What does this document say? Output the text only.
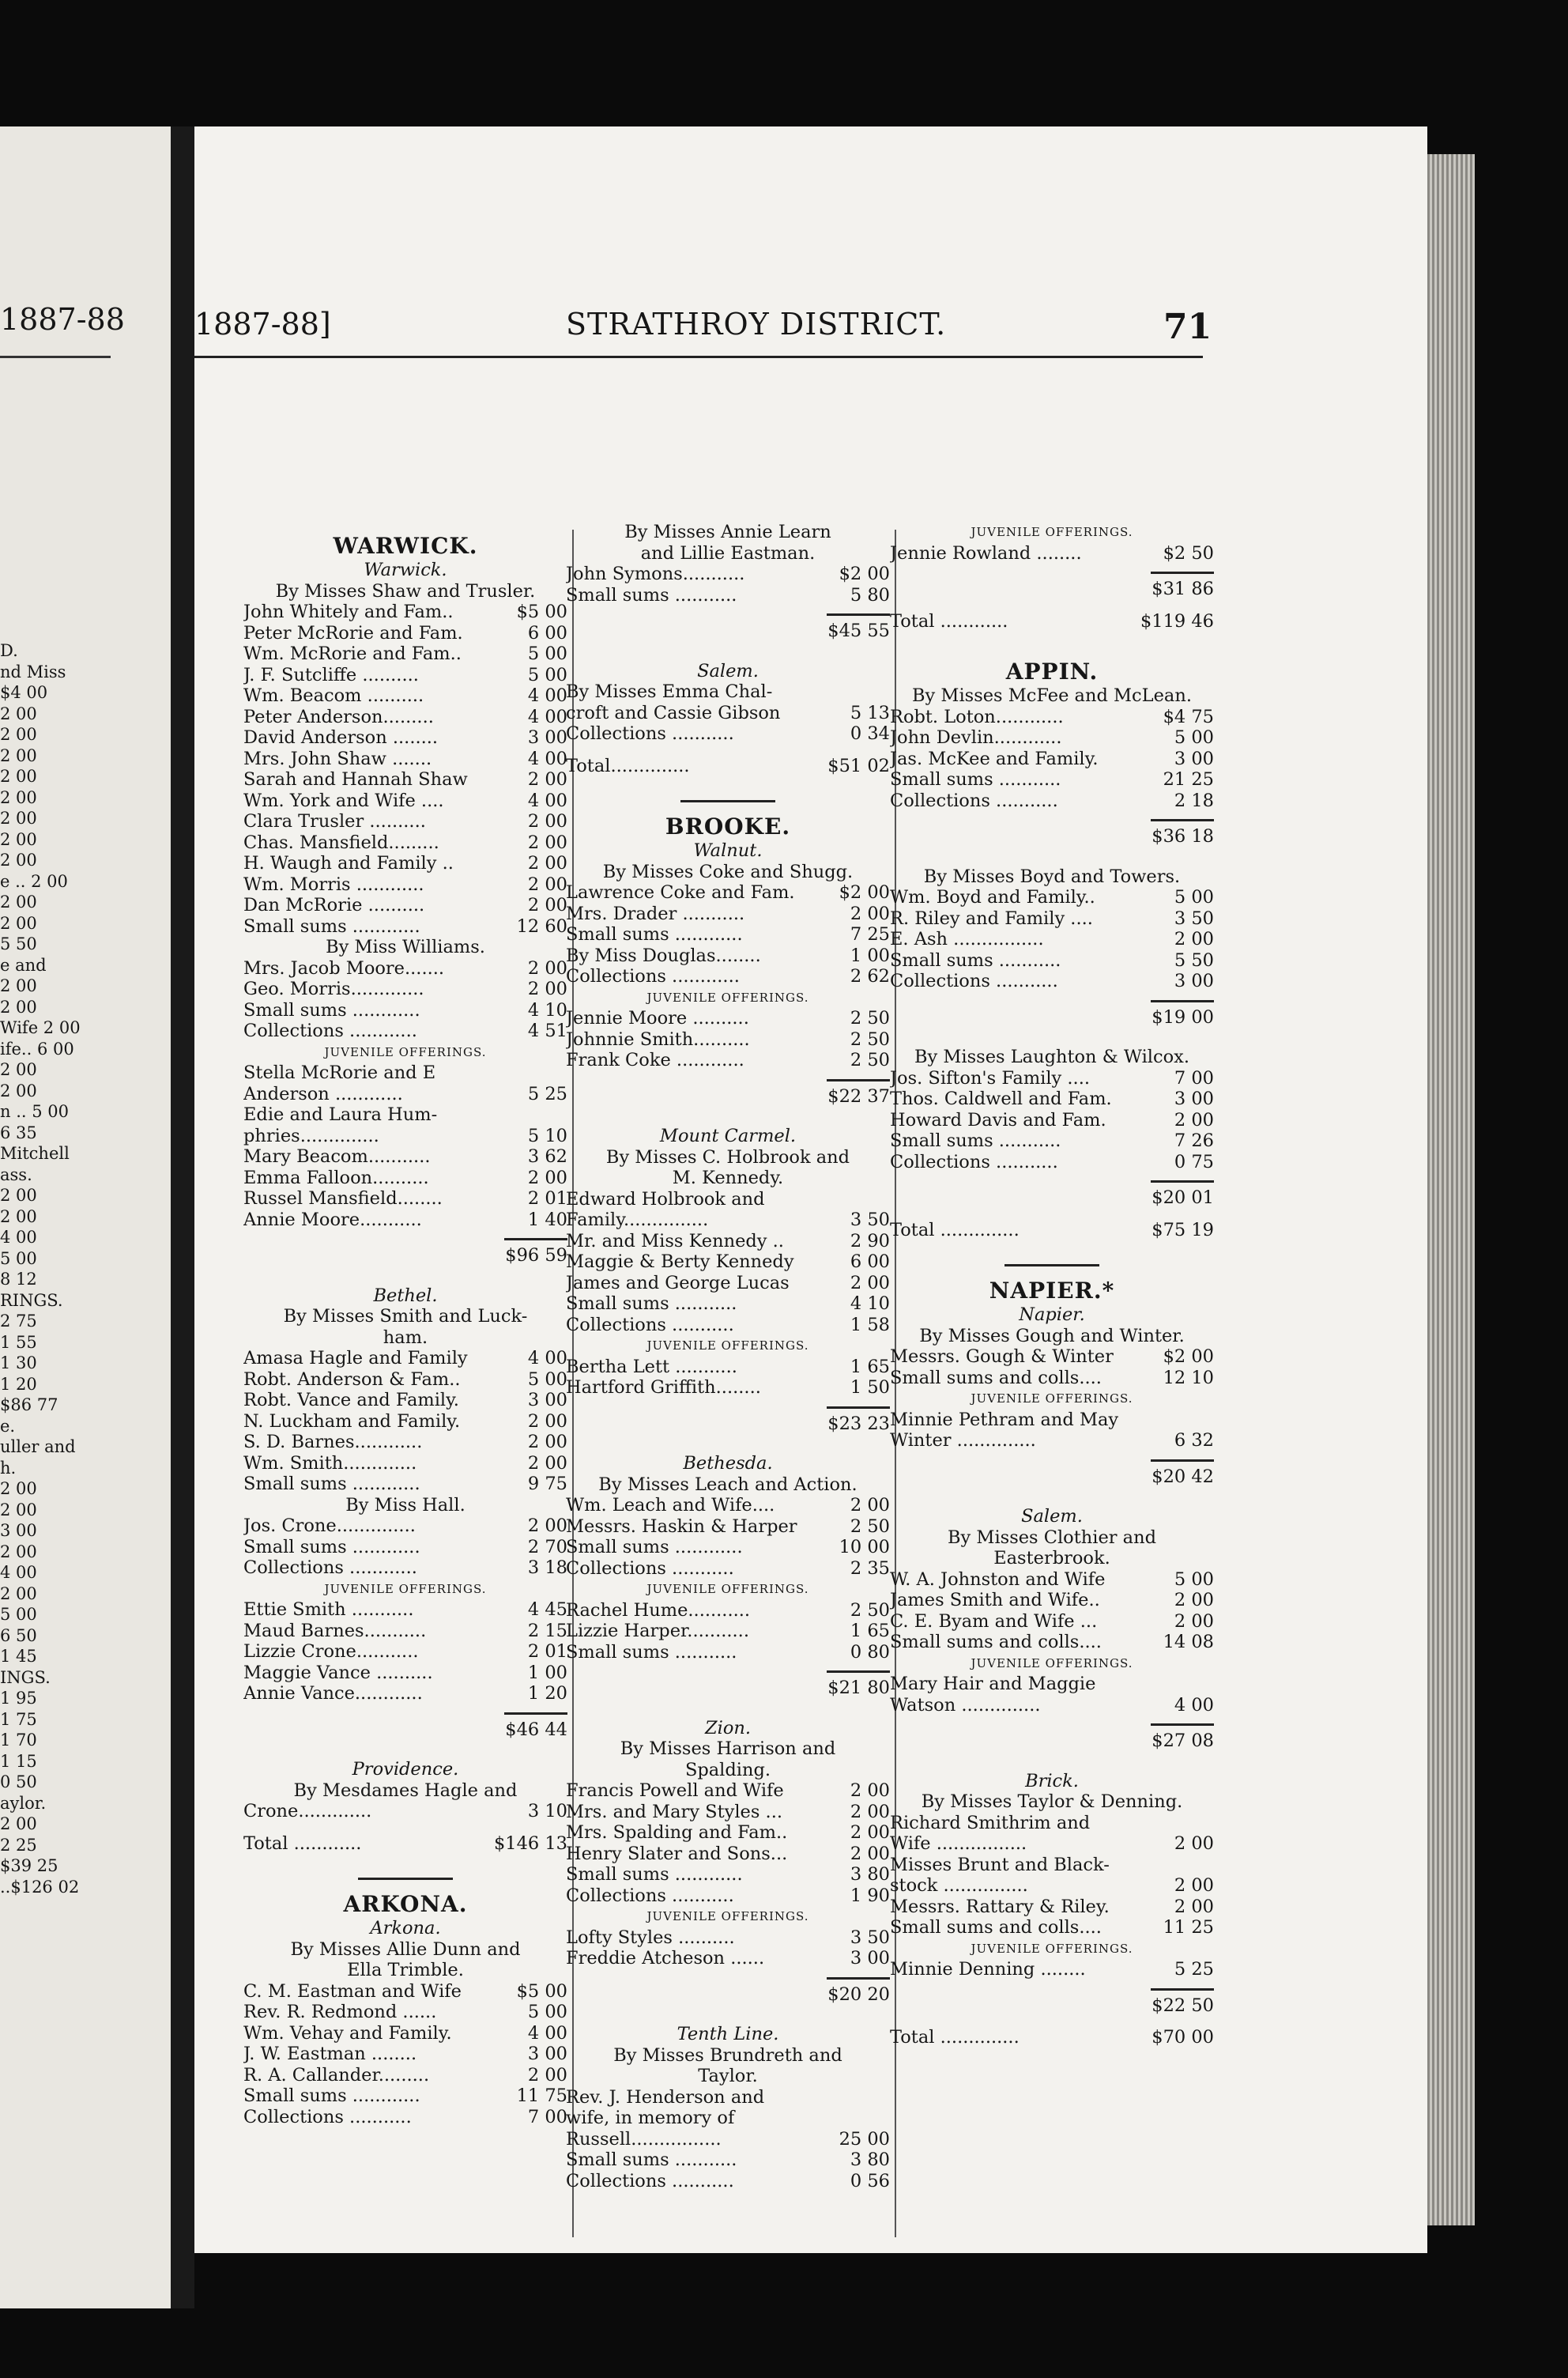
1887-88
D.
nd Miss
$4 00
2 00
2 00
2 00
2 00
2 00
2 00
2 00
2 00
e .. 2 00
2 00
2 00
5 50
e and
2 00
2 00
Wife 2 00
ife.. 6 00
2 00
2 00
n .. 5 00
6 35
Mitchell
ass.
2 00
2 00
4 00
5 00
8 12
RINGS.
2 75
1 55
1 30
1 20
$86 77
e.
uller and
h.
2 00
2 00
3 00
2 00
4 00
2 00
5 00
6 50
1 45
INGS.
1 95
1 75
1 70
1 15
0 50
aylor.
2 00
2 25
$39 25
..$126 02
1887-88]	STRATHROY DISTRICT.	71
WARWICK.
Warwick.
By Misses Shaw and Trusler.
John Whitely and Fam..	$5 00
Peter McRorie and Fam.	6 00
Wm. McRorie and Fam..	5 00
J. F. Sutcliffe ..........	5 00
Wm. Beacom ..........	4 00
Peter Anderson.........	4 00
David Anderson ........	3 00
Mrs. John Shaw .......	4 00
Sarah and Hannah Shaw	2 00
Wm. York and Wife ....	4 00
Clara Trusler ..........	2 00
Chas. Mansfield.........	2 00
H. Waugh and Family ..	2 00
Wm. Morris ............	2 00
Dan McRorie ..........	2 00
Small sums ............	12 60
By Miss Williams.
Mrs. Jacob Moore.......	2 00
Geo. Morris.............	2 00
Small sums ............	4 10
Collections ............	4 51
JUVENILE OFFERINGS.
Stella McRorie and E
Anderson ............	5 25
Edie and Laura Hum-
phries..............	5 10
Mary Beacom...........	3 62
Emma Falloon..........	2 00
Russel Mansfield........	2 01
Annie Moore...........	1 40
$96 59
Bethel.
By Misses Smith and Luck-
ham.
Amasa Hagle and Family	4 00
Robt. Anderson & Fam..	5 00
Robt. Vance and Family.	3 00
N. Luckham and Family.	2 00
S. D. Barnes............	2 00
Wm. Smith.............	2 00
Small sums ............	9 75
By Miss Hall.
Jos. Crone..............	2 00
Small sums ............	2 70
Collections ............	3 18
JUVENILE OFFERINGS.
Ettie Smith ...........	4 45
Maud Barnes...........	2 15
Lizzie Crone...........	2 01
Maggie Vance ..........	1 00
Annie Vance............	1 20
$46 44
Providence.
By Mesdames Hagle and
Crone.............	3 10
Total ............	$146 13
ARKONA.
Arkona.
By Misses Allie Dunn and
Ella Trimble.
C. M. Eastman and Wife	$5 00
Rev. R. Redmond ......	5 00
Wm. Vehay and Family.	4 00
J. W. Eastman ........	3 00
R. A. Callander.........	2 00
Small sums ............	11 75
Collections ...........	7 00
By Misses Annie Learn
and Lillie Eastman.
John Symons...........	$2 00
Small sums ...........	5 80
$45 55
Salem.
By Misses Emma Chal-
croft and Cassie Gibson	5 13
Collections ...........	0 34
Total..............	$51 02
BROOKE.
Walnut.
By Misses Coke and Shugg.
Lawrence Coke and Fam.	$2 00
Mrs. Drader ...........	2 00
Small sums ............	7 25
By Miss Douglas........	1 00
Collections ............	2 62
JUVENILE OFFERINGS.
Jennie Moore ..........	2 50
Johnnie Smith..........	2 50
Frank Coke ............	2 50
$22 37
Mount Carmel.
By Misses C. Holbrook and
M. Kennedy.
Edward Holbrook and
Family...............	3 50
Mr. and Miss Kennedy ..	2 90
Maggie & Berty Kennedy	6 00
James and George Lucas	2 00
Small sums ...........	4 10
Collections ...........	1 58
JUVENILE OFFERINGS.
Bertha Lett ...........	1 65
Hartford Griffith........	1 50
$23 23
Bethesda.
By Misses Leach and Action.
Wm. Leach and Wife....	2 00
Messrs. Haskin & Harper	2 50
Small sums ............	10 00
Collections ...........	2 35
JUVENILE OFFERINGS.
Rachel Hume...........	2 50
Lizzie Harper...........	1 65
Small sums ...........	0 80
$21 80
Zion.
By Misses Harrison and
Spalding.
Francis Powell and Wife	2 00
Mrs. and Mary Styles ...	2 00
Mrs. Spalding and Fam..	2 00
Henry Slater and Sons...	2 00
Small sums ............	3 80
Collections ...........	1 90
JUVENILE OFFERINGS.
Lofty Styles ..........	3 50
Freddie Atcheson ......	3 00
$20 20
Tenth Line.
By Misses Brundreth and
Taylor.
Rev. J. Henderson and
wife, in memory of
Russell................	25 00
Small sums ...........	3 80
Collections ...........	0 56
JUVENILE OFFERINGS.
Jennie Rowland ........	$2 50
$31 86
Total ............	$119 46
APPIN.
By Misses McFee and McLean.
Robt. Loton............	$4 75
John Devlin............	5 00
Jas. McKee and Family.	3 00
Small sums ...........	21 25
Collections ...........	2 18
$36 18
By Misses Boyd and Towers.
Wm. Boyd and Family..	5 00
R. Riley and Family ....	3 50
E. Ash ................	2 00
Small sums ...........	5 50
Collections ...........	3 00
$19 00
By Misses Laughton & Wilcox.
Jos. Sifton's Family ....	7 00
Thos. Caldwell and Fam.	3 00
Howard Davis and Fam.	2 00
Small sums ...........	7 26
Collections ...........	0 75
$20 01
Total ..............	$75 19
NAPIER.*
Napier.
By Misses Gough and Winter.
Messrs. Gough & Winter	$2 00
Small sums and colls....	12 10
JUVENILE OFFERINGS.
Minnie Pethram and May
Winter ..............	6 32
$20 42
Salem.
By Misses Clothier and
Easterbrook.
W. A. Johnston and Wife	5 00
James Smith and Wife..	2 00
C. E. Byam and Wife ...	2 00
Small sums and colls....	14 08
JUVENILE OFFERINGS.
Mary Hair and Maggie
Watson ..............	4 00
$27 08
Brick.
By Misses Taylor & Denning.
Richard Smithrim and
Wife ................	2 00
Misses Brunt and Black-
stock ...............	2 00
Messrs. Rattary & Riley.	2 00
Small sums and colls....	11 25
JUVENILE OFFERINGS.
Minnie Denning ........	5 25
$22 50
Total ..............	$70 00
